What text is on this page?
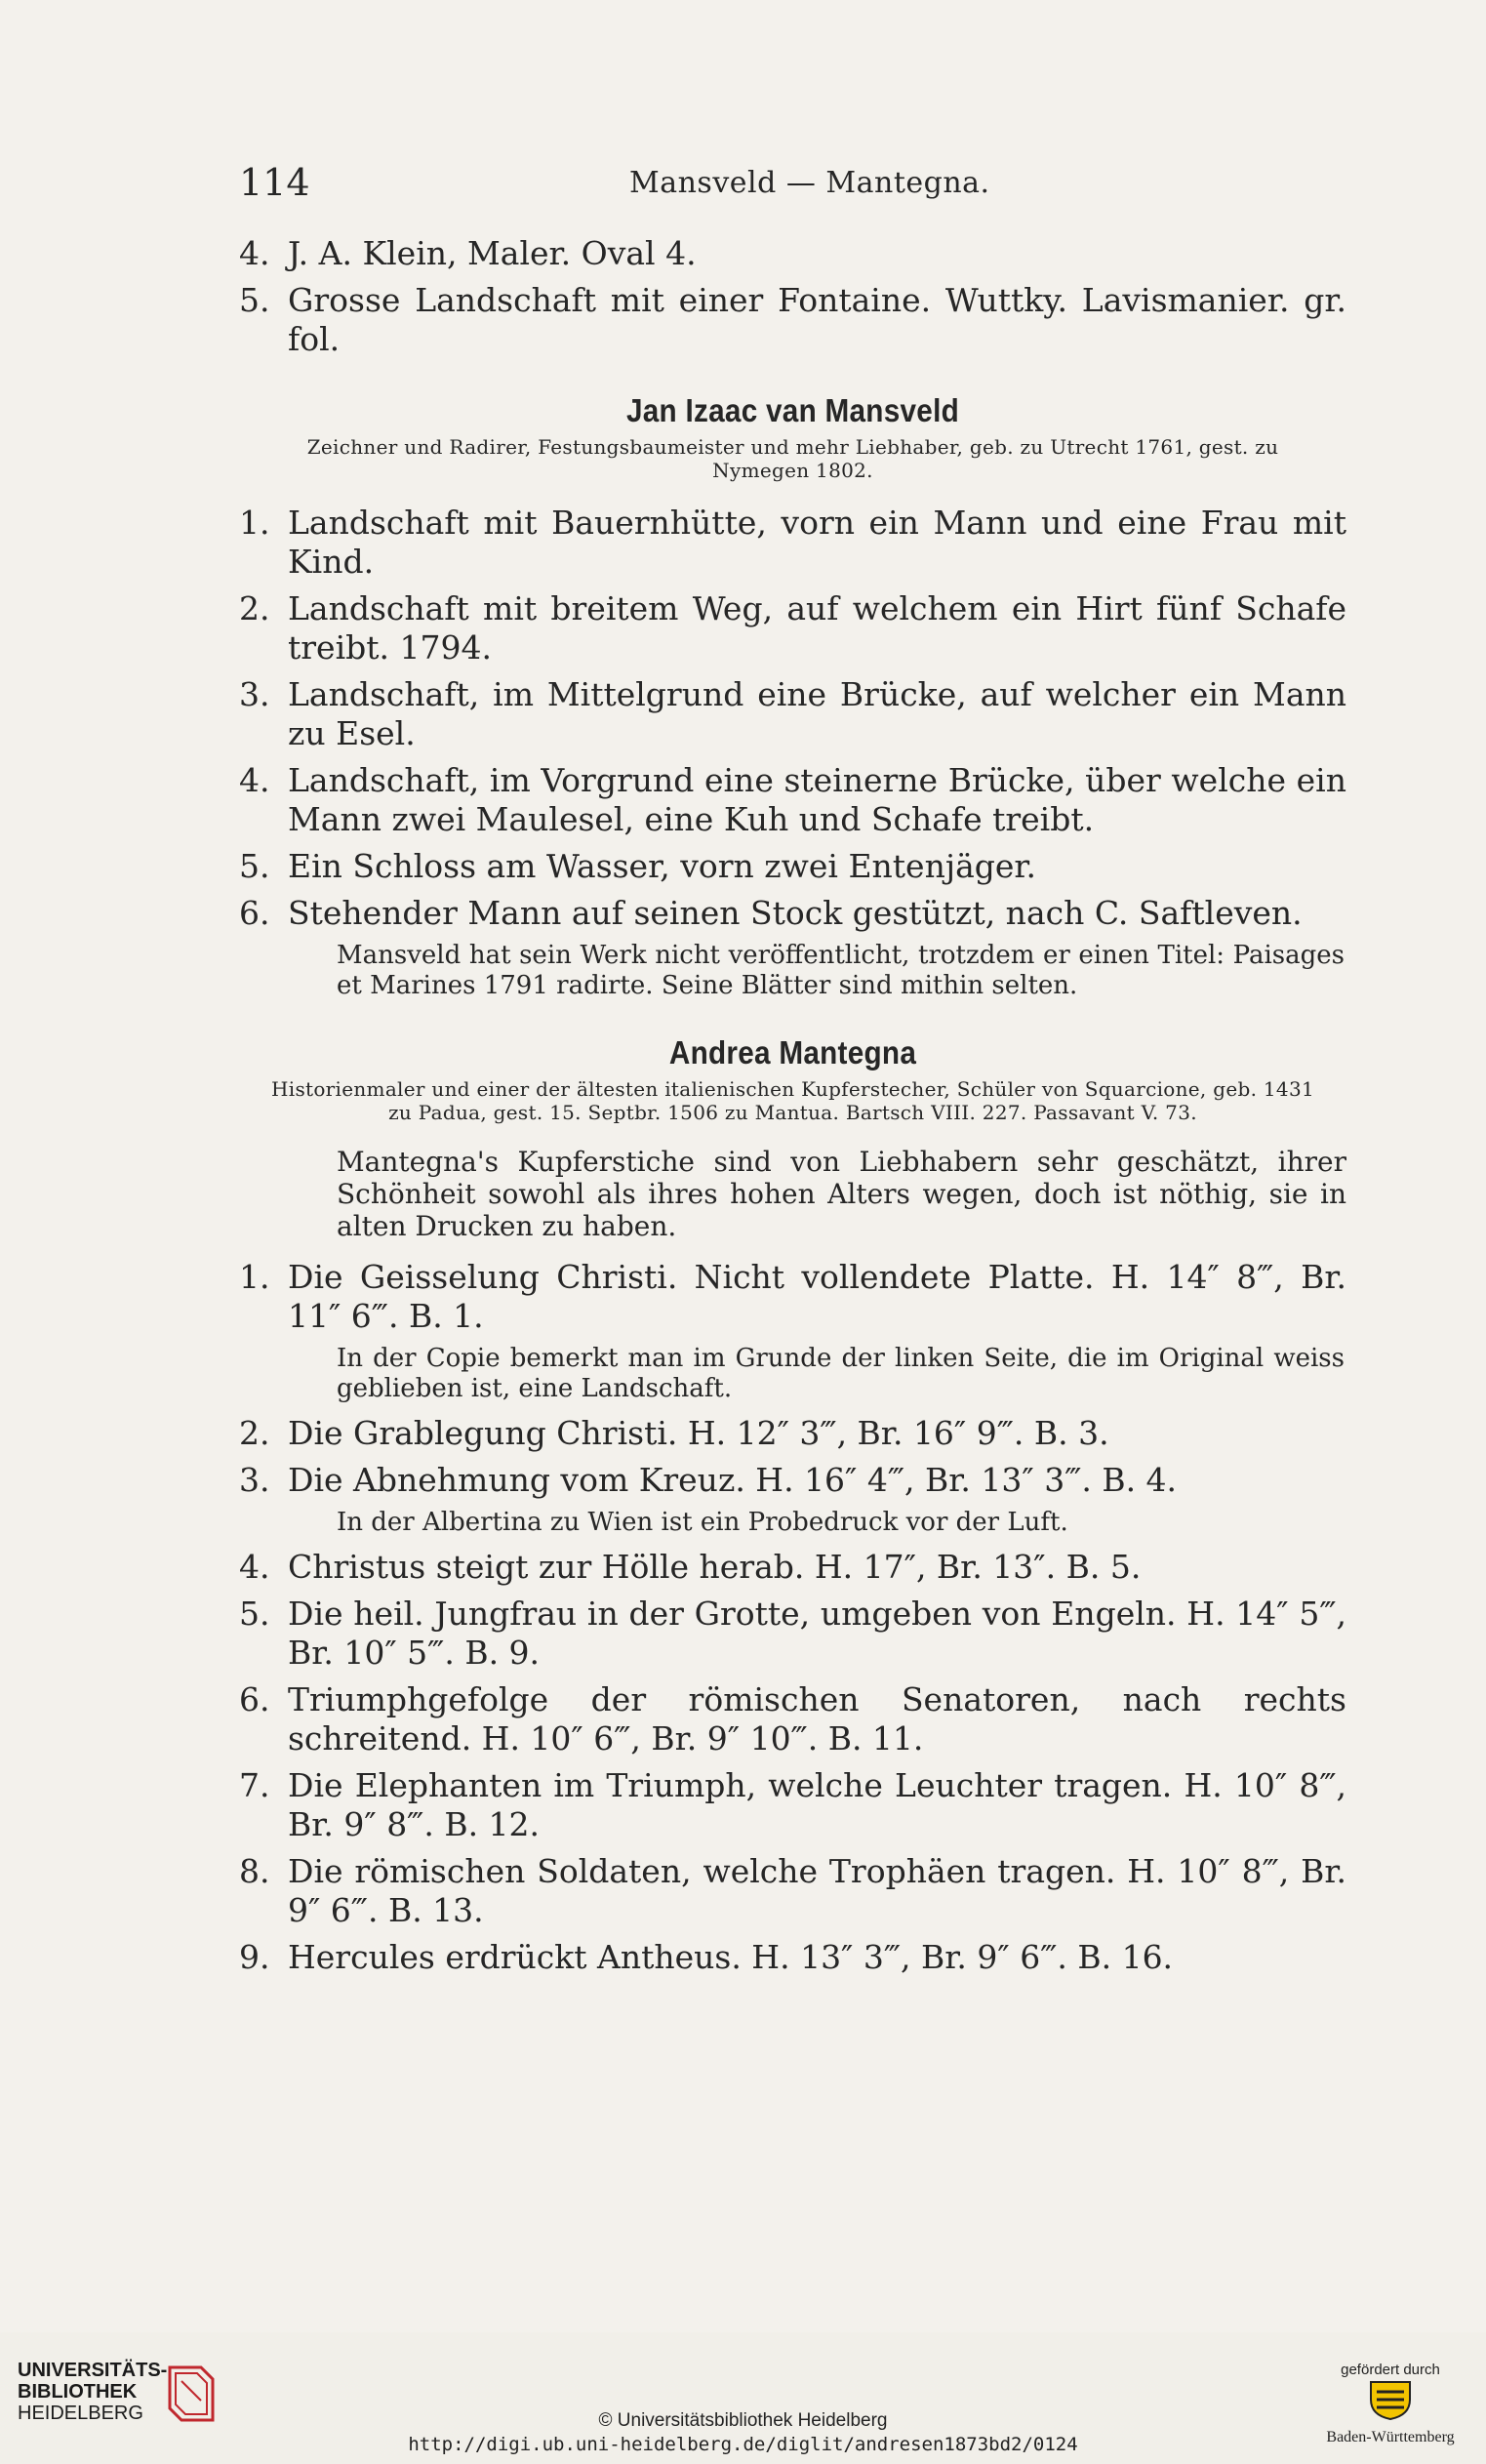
114	Mansveld — Mantegna.
4. J. A. Klein, Maler. Oval 4.
5. Grosse Landschaft mit einer Fontaine. Wuttky. Lavismanier. gr. fol.
Jan Izaac van Mansveld
Zeichner und Radirer, Festungsbaumeister und mehr Liebhaber, geb. zu Utrecht 1761, gest. zu Nymegen 1802.
1. Landschaft mit Bauernhütte, vorn ein Mann und eine Frau mit Kind.
2. Landschaft mit breitem Weg, auf welchem ein Hirt fünf Schafe treibt. 1794.
3. Landschaft, im Mittelgrund eine Brücke, auf welcher ein Mann zu Esel.
4. Landschaft, im Vorgrund eine steinerne Brücke, über welche ein Mann zwei Maulesel, eine Kuh und Schafe treibt.
5. Ein Schloss am Wasser, vorn zwei Entenjäger.
6. Stehender Mann auf seinen Stock gestützt, nach C. Saftleven.
Mansveld hat sein Werk nicht veröffentlicht, trotzdem er einen Titel: Paisages et Marines 1791 radirte. Seine Blätter sind mithin selten.
Andrea Mantegna
Historienmaler und einer der ältesten italienischen Kupferstecher, Schüler von Squarcione, geb. 1431 zu Padua, gest. 15. Septbr. 1506 zu Mantua. Bartsch VIII. 227. Passavant V. 73.
Mantegna's Kupferstiche sind von Liebhabern sehr geschätzt, ihrer Schönheit sowohl als ihres hohen Alters wegen, doch ist nöthig, sie in alten Drucken zu haben.
1. Die Geisselung Christi. Nicht vollendete Platte. H. 14″ 8‴, Br. 11″ 6‴. B. 1.
In der Copie bemerkt man im Grunde der linken Seite, die im Original weiss geblieben ist, eine Landschaft.
2. Die Grablegung Christi. H. 12″ 3‴, Br. 16″ 9‴. B. 3.
3. Die Abnehmung vom Kreuz. H. 16″ 4‴, Br. 13″ 3‴. B. 4.
In der Albertina zu Wien ist ein Probedruck vor der Luft.
4. Christus steigt zur Hölle herab. H. 17″, Br. 13″. B. 5.
5. Die heil. Jungfrau in der Grotte, umgeben von Engeln. H. 14″ 5‴, Br. 10″ 5‴. B. 9.
6. Triumphgefolge der römischen Senatoren, nach rechts schreitend. H. 10″ 6‴, Br. 9″ 10‴. B. 11.
7. Die Elephanten im Triumph, welche Leuchter tragen. H. 10″ 8‴, Br. 9″ 8‴. B. 12.
8. Die römischen Soldaten, welche Trophäen tragen. H. 10″ 8‴, Br. 9″ 6‴. B. 13.
9. Hercules erdrückt Antheus. H. 13″ 3‴, Br. 9″ 6‴. B. 16.
UNIVERSITÄTS-
BIBLIOTHEK
HEIDELBERG	© Universitätsbibliothek Heidelberg
http://digi.ub.uni-heidelberg.de/diglit/andresen1873bd2/0124
gefördert durch
Baden-Württemberg
